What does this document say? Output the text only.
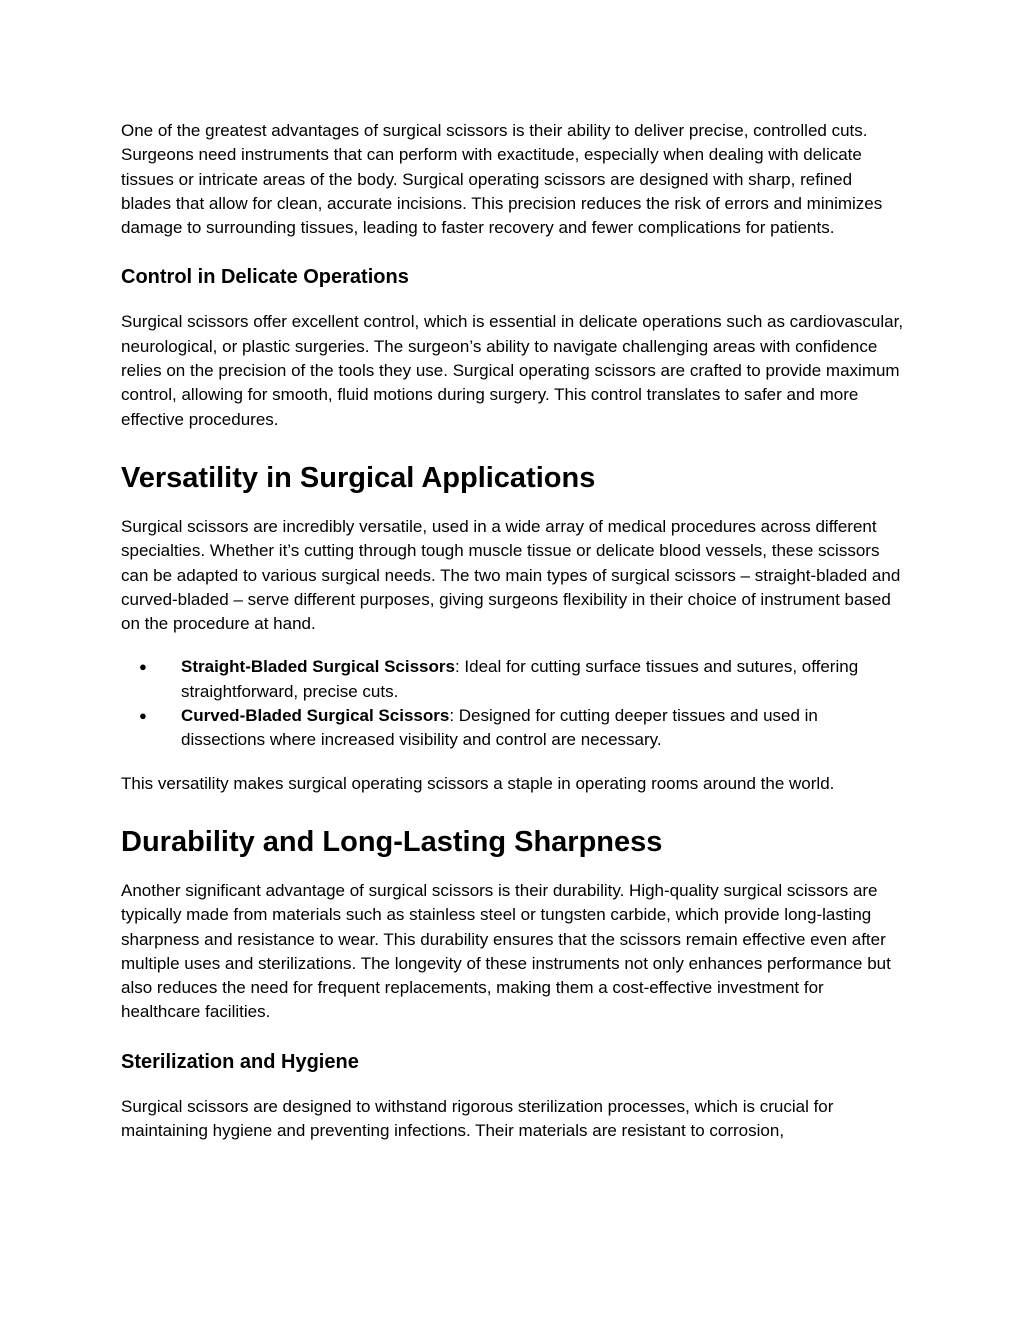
One of the greatest advantages of surgical scissors is their ability to deliver precise, controlled cuts. Surgeons need instruments that can perform with exactitude, especially when dealing with delicate tissues or intricate areas of the body. Surgical operating scissors are designed with sharp, refined blades that allow for clean, accurate incisions. This precision reduces the risk of errors and minimizes damage to surrounding tissues, leading to faster recovery and fewer complications for patients.

Control in Delicate Operations

Surgical scissors offer excellent control, which is essential in delicate operations such as cardiovascular, neurological, or plastic surgeries. The surgeon’s ability to navigate challenging areas with confidence relies on the precision of the tools they use. Surgical operating scissors are crafted to provide maximum control, allowing for smooth, fluid motions during surgery. This control translates to safer and more effective procedures.

Versatility in Surgical Applications

Surgical scissors are incredibly versatile, used in a wide array of medical procedures across different specialties. Whether it’s cutting through tough muscle tissue or delicate blood vessels, these scissors can be adapted to various surgical needs. The two main types of surgical scissors – straight-bladed and curved-bladed – serve different purposes, giving surgeons flexibility in their choice of instrument based on the procedure at hand.

● Straight-Bladed Surgical Scissors: Ideal for cutting surface tissues and sutures, offering straightforward, precise cuts.
● Curved-Bladed Surgical Scissors: Designed for cutting deeper tissues and used in dissections where increased visibility and control are necessary.

This versatility makes surgical operating scissors a staple in operating rooms around the world.

Durability and Long-Lasting Sharpness

Another significant advantage of surgical scissors is their durability. High-quality surgical scissors are typically made from materials such as stainless steel or tungsten carbide, which provide long-lasting sharpness and resistance to wear. This durability ensures that the scissors remain effective even after multiple uses and sterilizations. The longevity of these instruments not only enhances performance but also reduces the need for frequent replacements, making them a cost-effective investment for healthcare facilities.

Sterilization and Hygiene

Surgical scissors are designed to withstand rigorous sterilization processes, which is crucial for maintaining hygiene and preventing infections. Their materials are resistant to corrosion,
